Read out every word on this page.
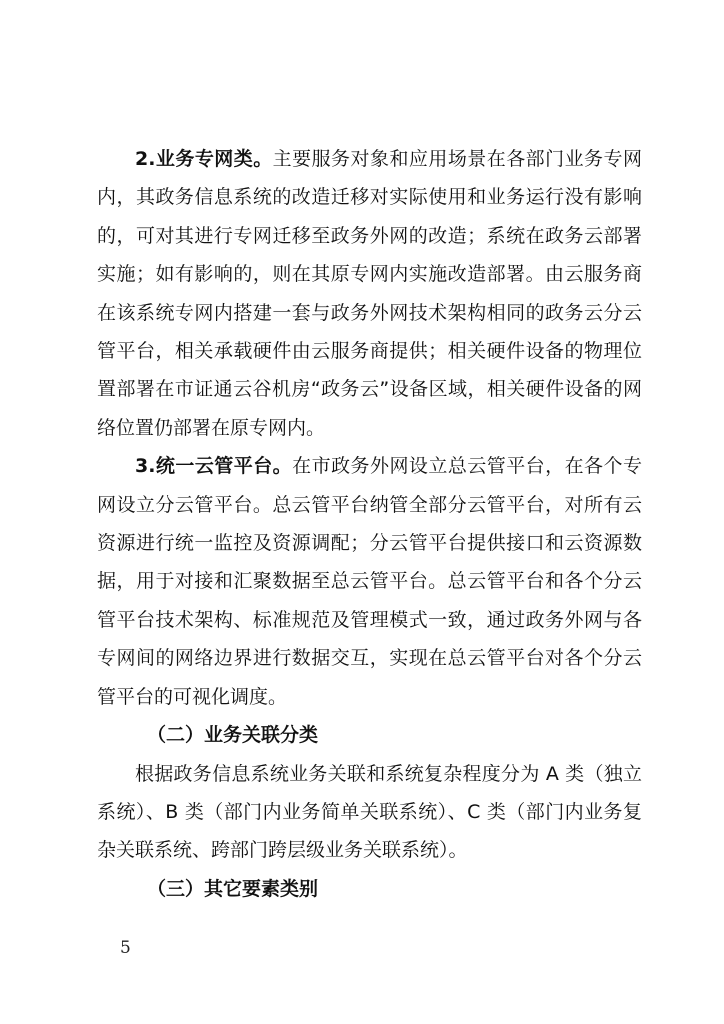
2.业务专网类。主要服务对象和应用场景在各部门业务专网内，其政务信息系统的改造迁移对实际使用和业务运行没有影响的，可对其进行专网迁移至政务外网的改造；系统在政务云部署实施；如有影响的，则在其原专网内实施改造部署。由云服务商在该系统专网内搭建一套与政务外网技术架构相同的政务云分云管平台，相关承载硬件由云服务商提供；相关硬件设备的物理位置部署在市证通云谷机房“政务云”设备区域，相关硬件设备的网络位置仍部署在原专网内。

3.统一云管平台。在市政务外网设立总云管平台，在各个专网设立分云管平台。总云管平台纳管全部分云管平台，对所有云资源进行统一监控及资源调配；分云管平台提供接口和云资源数据，用于对接和汇聚数据至总云管平台。总云管平台和各个分云管平台技术架构、标准规范及管理模式一致，通过政务外网与各专网间的网络边界进行数据交互，实现在总云管平台对各个分云管平台的可视化调度。

（二）业务关联分类

根据政务信息系统业务关联和系统复杂程度分为 A 类（独立系统）、B 类（部门内业务简单关联系统）、C 类（部门内业务复杂关联系统、跨部门跨层级业务关联系统）。

（三）其它要素类别

5
